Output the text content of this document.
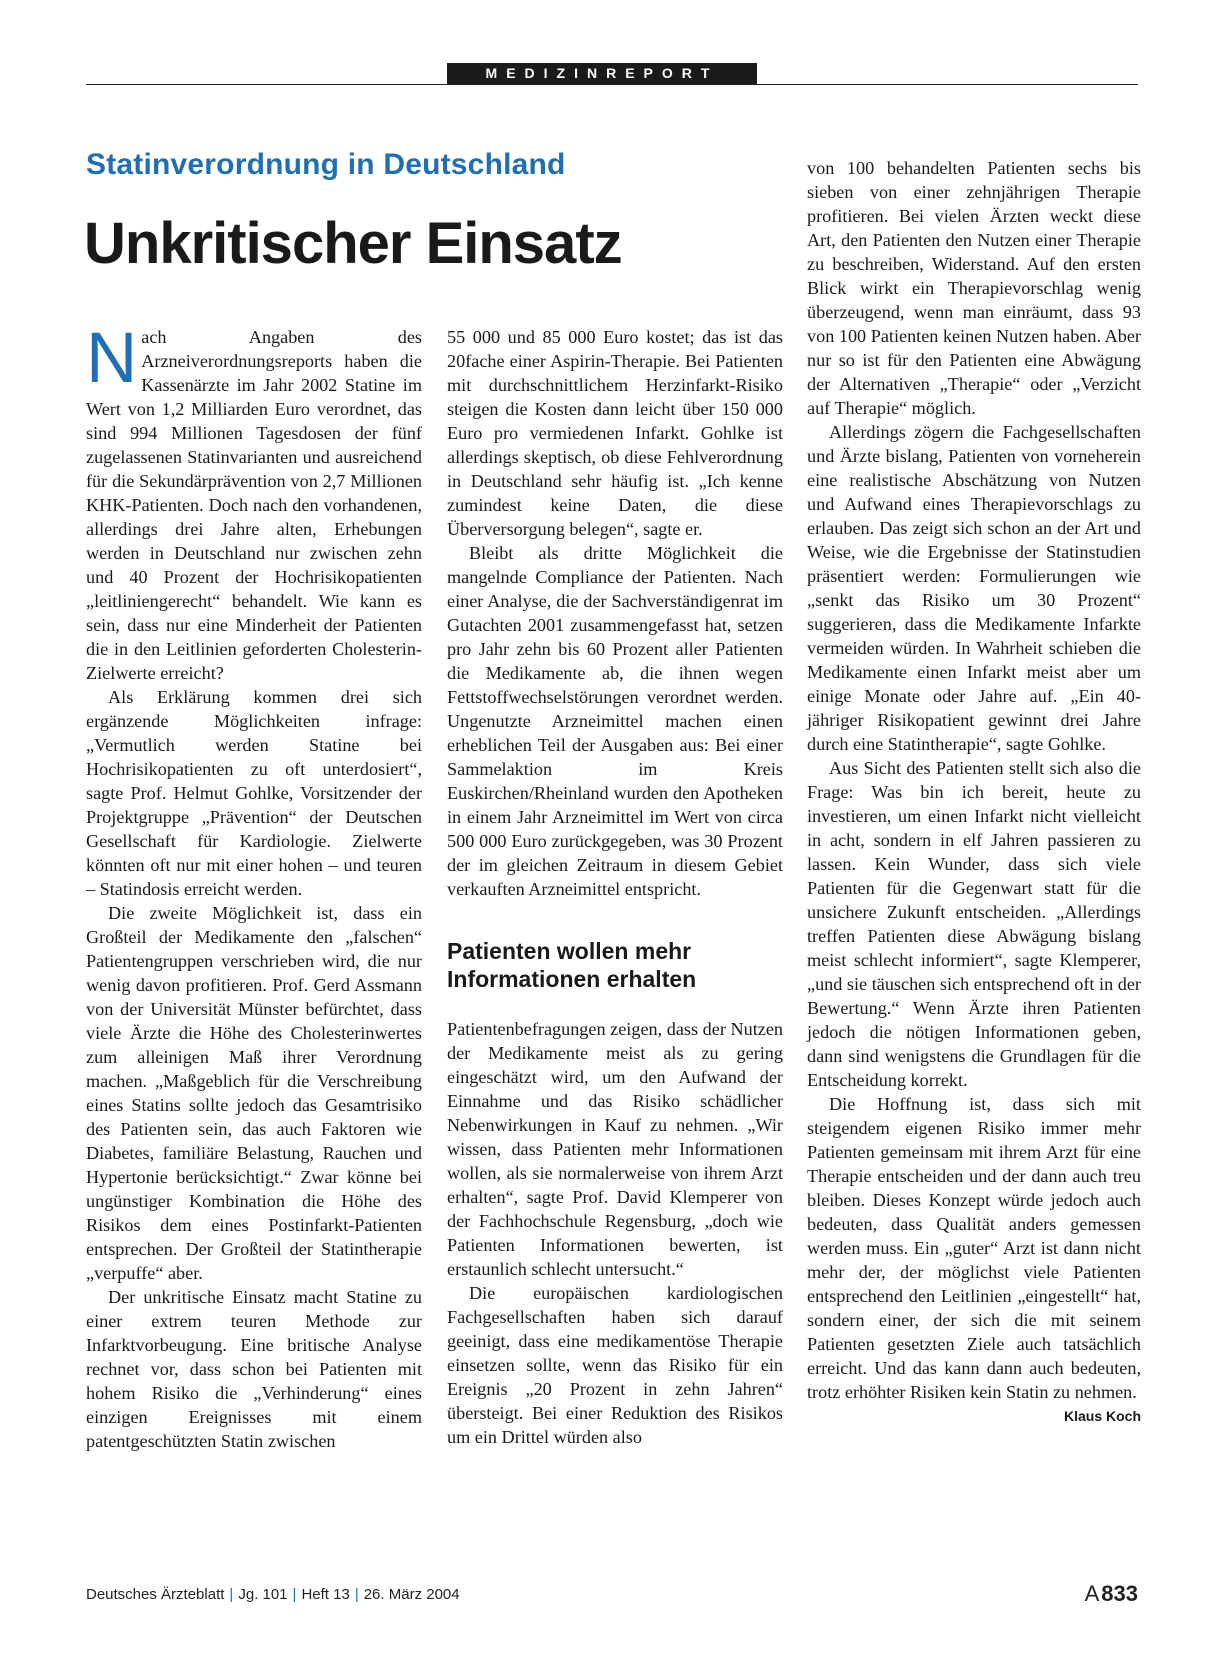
MEDIZINREPORT
Statinverordnung in Deutschland
Unkritischer Einsatz

Nach Angaben des Arzneiverordnungsreports haben die Kassenärzte im Jahr 2002 Statine im Wert von 1,2 Milliarden Euro verordnet, das sind 994 Millionen Tagesdosen der fünf zugelassenen Statinvarianten und ausreichend für die Sekundärprävention von 2,7 Millionen KHK-Patienten. Doch nach den vorhandenen, allerdings drei Jahre alten, Erhebungen werden in Deutschland nur zwischen zehn und 40 Prozent der Hochrisikopatienten „leitliniengerecht“ behandelt. Wie kann es sein, dass nur eine Minderheit der Patienten die in den Leitlinien geforderten Cholesterin-Zielwerte erreicht?

Als Erklärung kommen drei sich ergänzende Möglichkeiten infrage: „Vermutlich werden Statine bei Hochrisikopatienten zu oft unterdosiert“, sagte Prof. Helmut Gohlke, Vorsitzender der Projektgruppe „Prävention“ der Deutschen Gesellschaft für Kardiologie. Zielwerte könnten oft nur mit einer hohen – und teuren – Statindosis erreicht werden.

Die zweite Möglichkeit ist, dass ein Großteil der Medikamente den „falschen“ Patientengruppen verschrieben wird, die nur wenig davon profitieren. Prof. Gerd Assmann von der Universität Münster befürchtet, dass viele Ärzte die Höhe des Cholesterinwertes zum alleinigen Maß ihrer Verordnung machen. „Maßgeblich für die Verschreibung eines Statins sollte jedoch das Gesamtrisiko des Patienten sein, das auch Faktoren wie Diabetes, familiäre Belastung, Rauchen und Hypertonie berücksichtigt.“ Zwar könne bei ungünstiger Kombination die Höhe des Risikos dem eines Postinfarkt-Patienten entsprechen. Der Großteil der Statintherapie „verpuffe“ aber.

Der unkritische Einsatz macht Statine zu einer extrem teuren Methode zur Infarktvorbeugung. Eine britische Analyse rechnet vor, dass schon bei Patienten mit hohem Risiko die „Verhinderung“ eines einzigen Ereignisses mit einem patentgeschützten Statin zwischen

55 000 und 85 000 Euro kostet; das ist das 20fache einer Aspirin-Therapie. Bei Patienten mit durchschnittlichem Herzinfarkt-Risiko steigen die Kosten dann leicht über 150 000 Euro pro vermiedenen Infarkt. Gohlke ist allerdings skeptisch, ob diese Fehlverordnung in Deutschland sehr häufig ist. „Ich kenne zumindest keine Daten, die diese Überversorgung belegen“, sagte er.

Bleibt als dritte Möglichkeit die mangelnde Compliance der Patienten. Nach einer Analyse, die der Sachverständigenrat im Gutachten 2001 zusammengefasst hat, setzen pro Jahr zehn bis 60 Prozent aller Patienten die Medikamente ab, die ihnen wegen Fettstoffwechselstörungen verordnet werden. Ungenutzte Arzneimittel machen einen erheblichen Teil der Ausgaben aus: Bei einer Sammelaktion im Kreis Euskirchen/Rheinland wurden den Apotheken in einem Jahr Arzneimittel im Wert von circa 500 000 Euro zurückgegeben, was 30 Prozent der im gleichen Zeitraum in diesem Gebiet verkauften Arzneimittel entspricht.

Patienten wollen mehr Informationen erhalten

Patientenbefragungen zeigen, dass der Nutzen der Medikamente meist als zu gering eingeschätzt wird, um den Aufwand der Einnahme und das Risiko schädlicher Nebenwirkungen in Kauf zu nehmen. „Wir wissen, dass Patienten mehr Informationen wollen, als sie normalerweise von ihrem Arzt erhalten“, sagte Prof. David Klemperer von der Fachhochschule Regensburg, „doch wie Patienten Informationen bewerten, ist erstaunlich schlecht untersucht.“

Die europäischen kardiologischen Fachgesellschaften haben sich darauf geeinigt, dass eine medikamentöse Therapie einsetzen sollte, wenn das Risiko für ein Ereignis „20 Prozent in zehn Jahren“ übersteigt. Bei einer Reduktion des Risikos um ein Drittel würden also

von 100 behandelten Patienten sechs bis sieben von einer zehnjährigen Therapie profitieren. Bei vielen Ärzten weckt diese Art, den Patienten den Nutzen einer Therapie zu beschreiben, Widerstand. Auf den ersten Blick wirkt ein Therapievorschlag wenig überzeugend, wenn man einräumt, dass 93 von 100 Patienten keinen Nutzen haben. Aber nur so ist für den Patienten eine Abwägung der Alternativen „Therapie“ oder „Verzicht auf Therapie“ möglich.

Allerdings zögern die Fachgesellschaften und Ärzte bislang, Patienten von vorneherein eine realistische Abschätzung von Nutzen und Aufwand eines Therapievorschlags zu erlauben. Das zeigt sich schon an der Art und Weise, wie die Ergebnisse der Statinstudien präsentiert werden: Formulierungen wie „senkt das Risiko um 30 Prozent“ suggerieren, dass die Medikamente Infarkte vermeiden würden. In Wahrheit schieben die Medikamente einen Infarkt meist aber um einige Monate oder Jahre auf. „Ein 40-jähriger Risikopatient gewinnt drei Jahre durch eine Statintherapie“, sagte Gohlke.

Aus Sicht des Patienten stellt sich also die Frage: Was bin ich bereit, heute zu investieren, um einen Infarkt nicht vielleicht in acht, sondern in elf Jahren passieren zu lassen. Kein Wunder, dass sich viele Patienten für die Gegenwart statt für die unsichere Zukunft entscheiden. „Allerdings treffen Patienten diese Abwägung bislang meist schlecht informiert“, sagte Klemperer, „und sie täuschen sich entsprechend oft in der Bewertung.“ Wenn Ärzte ihren Patienten jedoch die nötigen Informationen geben, dann sind wenigstens die Grundlagen für die Entscheidung korrekt.

Die Hoffnung ist, dass sich mit steigendem eigenen Risiko immer mehr Patienten gemeinsam mit ihrem Arzt für eine Therapie entscheiden und der dann auch treu bleiben. Dieses Konzept würde jedoch auch bedeuten, dass Qualität anders gemessen werden muss. Ein „guter“ Arzt ist dann nicht mehr der, der möglichst viele Patienten entsprechend den Leitlinien „eingestellt“ hat, sondern einer, der sich die mit seinem Patienten gesetzten Ziele auch tatsächlich erreicht. Und das kann dann auch bedeuten, trotz erhöhter Risiken kein Statin zu nehmen.
Klaus Koch

Deutsches Ärzteblatt | Jg. 101 | Heft 13 | 26. März 2004	A833
